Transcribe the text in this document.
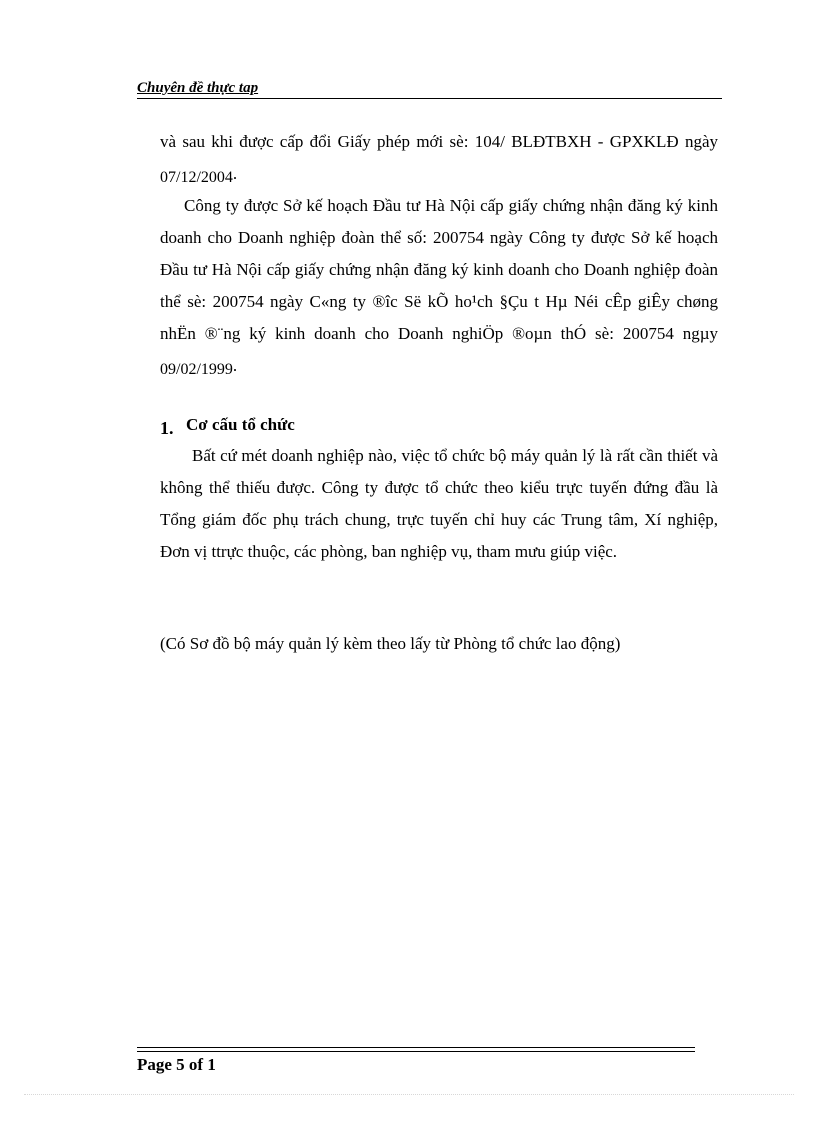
Chuyên đề thực tap
và sau khi được cấp đổi Giấy phép mới sè: 104/ BLĐTBXH - GPXKLĐ ngày 07/12/2004.
Công ty được Sở kế hoạch Đầu tư Hà Nội cấp giấy chứng nhận đăng ký kinh doanh cho Doanh nghiệp đoàn thể số: 200754 ngày Công ty được Sở kế hoạch Đầu tư Hà Nội cấp giấy chứng nhận đăng ký kinh doanh cho Doanh nghiệp đoàn thể sè: 200754 ngày C«ng ty ®îc Së kÕ ho¹ch §Çu t Hµ Néi cÊp giÊy chøng nhËn ®¨ng ký kinh doanh cho Doanh nghiÖp ®oµn thÓ sè: 200754 ngµy 09/02/1999.
1. Cơ cấu tổ chức
Bất cứ mét doanh nghiệp nào, việc tổ chức bộ máy quản lý là rất cần thiết và không thể thiếu được. Công ty được tổ chức theo kiểu trực tuyến đứng đầu là Tổng giám đốc phụ trách chung, trực tuyến chỉ huy các Trung tâm, Xí nghiệp, Đơn vị ttrực thuộc, các phòng, ban nghiệp vụ, tham mưu giúp việc.
(Có Sơ đồ bộ máy quản lý kèm theo lấy từ Phòng tổ chức lao động)
Page 5 of 1
